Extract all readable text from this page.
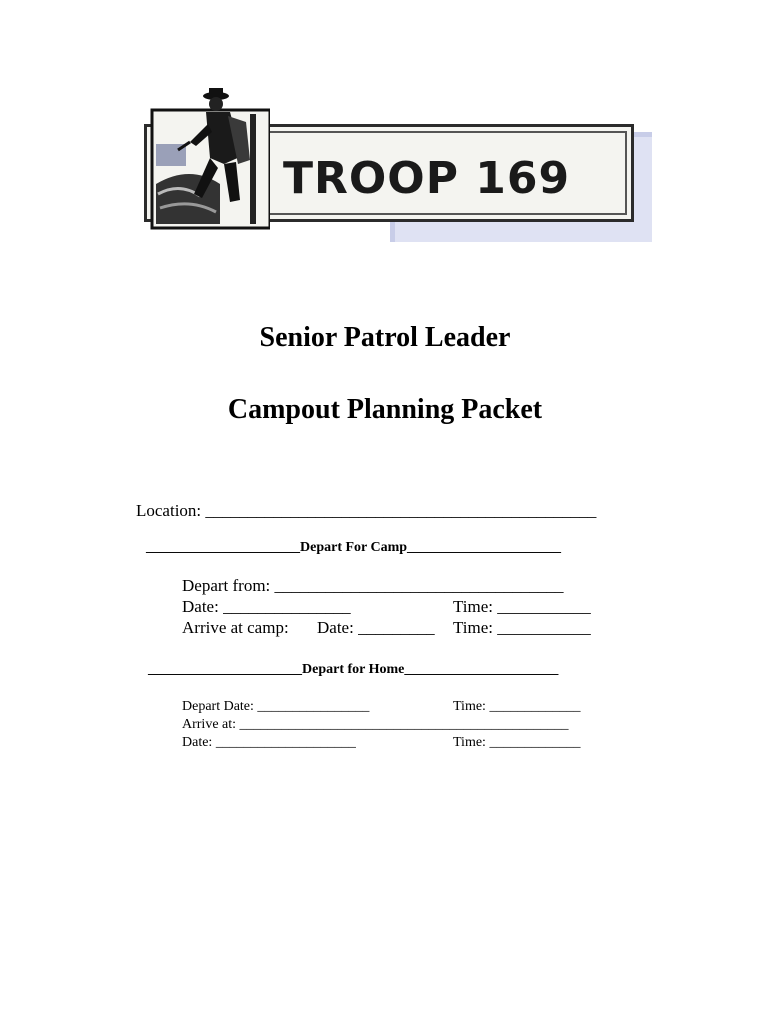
TROOP 169
Senior Patrol Leader
Campout Planning Packet
Location: ______________________________________________
______________________Depart For Camp______________________
Depart from: __________________________________
Date: _______________	Time: ___________
Arrive at camp: Date: _________ Time: ___________
______________________Depart for Home______________________
Depart Date: ________________	Time: _____________
Arrive at: _______________________________________________
Date: ____________________	Time: _____________
